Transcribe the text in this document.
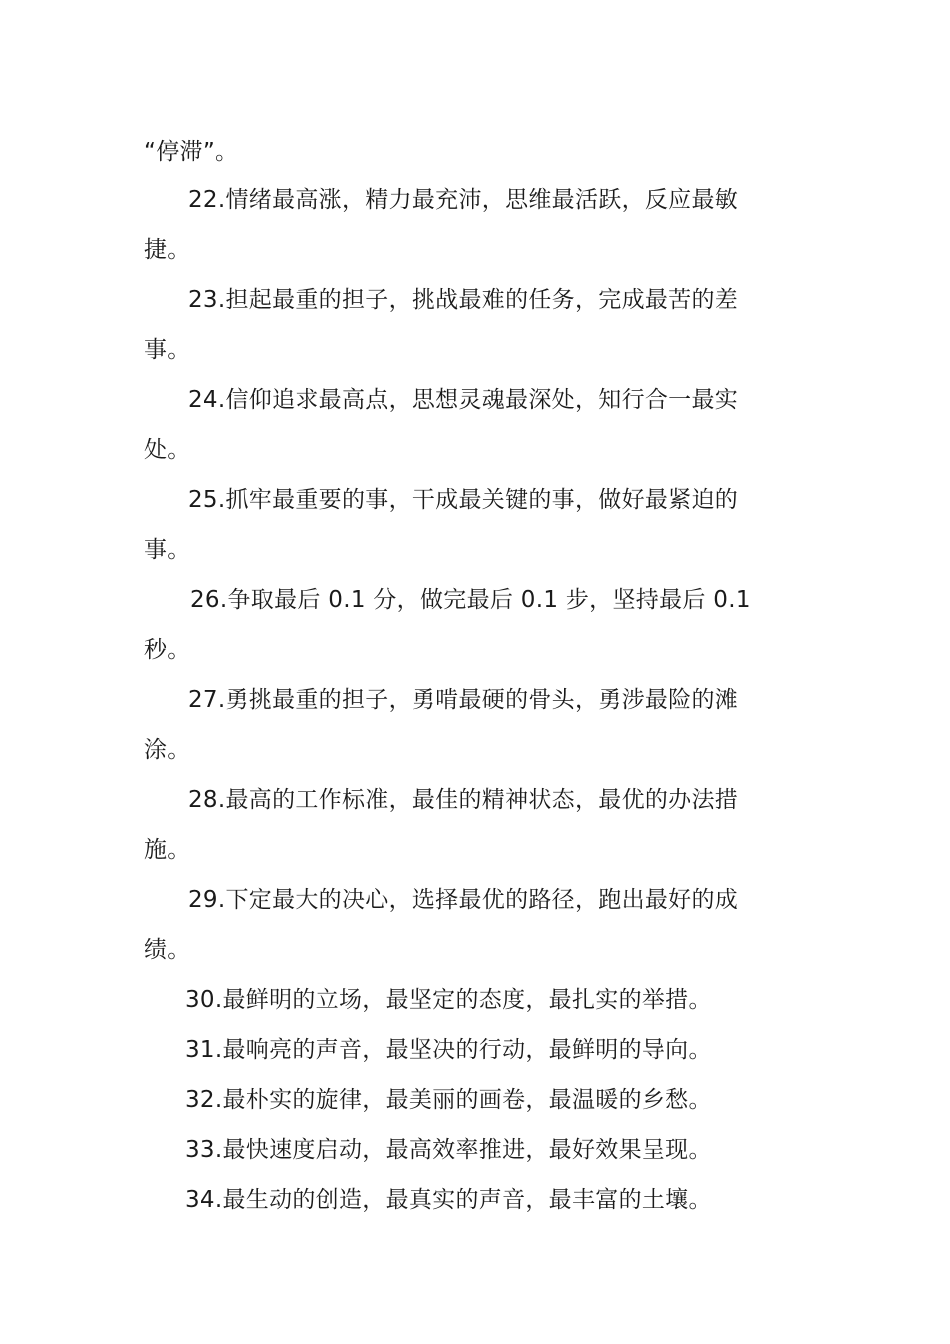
“停滞”。
22.情绪最高涨，精力最充沛，思维最活跃，反应最敏
捷。
23.担起最重的担子，挑战最难的任务，完成最苦的差
事。
24.信仰追求最高点，思想灵魂最深处，知行合一最实
处。
25.抓牢最重要的事，干成最关键的事，做好最紧迫的
事。
26.争取最后 0.1 分，做完最后 0.1 步，坚持最后 0.1
秒。
27.勇挑最重的担子，勇啃最硬的骨头，勇涉最险的滩
涂。
28.最高的工作标准，最佳的精神状态，最优的办法措
施。
29.下定最大的决心，选择最优的路径，跑出最好的成
绩。
30.最鲜明的立场，最坚定的态度，最扎实的举措。
31.最响亮的声音，最坚决的行动，最鲜明的导向。
32.最朴实的旋律，最美丽的画卷，最温暖的乡愁。
33.最快速度启动，最高效率推进，最好效果呈现。
34.最生动的创造，最真实的声音，最丰富的土壤。
